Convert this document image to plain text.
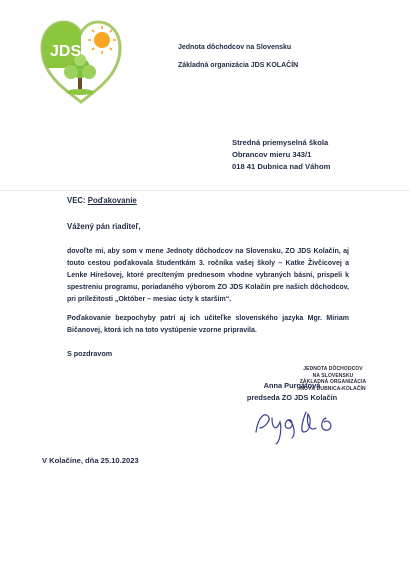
JDS	Jednota dôchodcov na Slovensku
Základná organizácia JDS KOLAČÍN
Stredná priemyselná škola
Obrancov mieru 343/1
018 41 Dubnica nad Váhom
VEC: Poďakovanie
Vážený pán riaditeľ,
dovoľte mi, aby som v mene Jednoty dôchodcov na Slovensku, ZO JDS Kolačín, aj touto cestou poďakovala študentkám 3. ročníka vašej školy – Katke Živčicovej a Lenke Hírešovej, ktoré precíteným prednesom vhodne vybraných básní, prispeli k spestreniu programu, poriadaného výborom ZO JDS Kolačín pre našich dôchodcov, pri príležitosti „Október – mesiac úcty k starším“.
Poďakovanie bezpochyby patrí aj ich učiteľke slovenského jazyka Mgr. Miriam Bičanovej, ktorá ich na toto vystúpenie vzorne pripravila.
S pozdravom
JEDNOTA DÔCHODCOV
NA SLOVENSKU
ZÁKLADNÁ ORGANIZÁCIA
NOVÁ DUBNICA-KOLAČÍN
Anna Purgátová
predseda ZO JDS Kolačín
V Kolačíne, dňa 25.10.2023
